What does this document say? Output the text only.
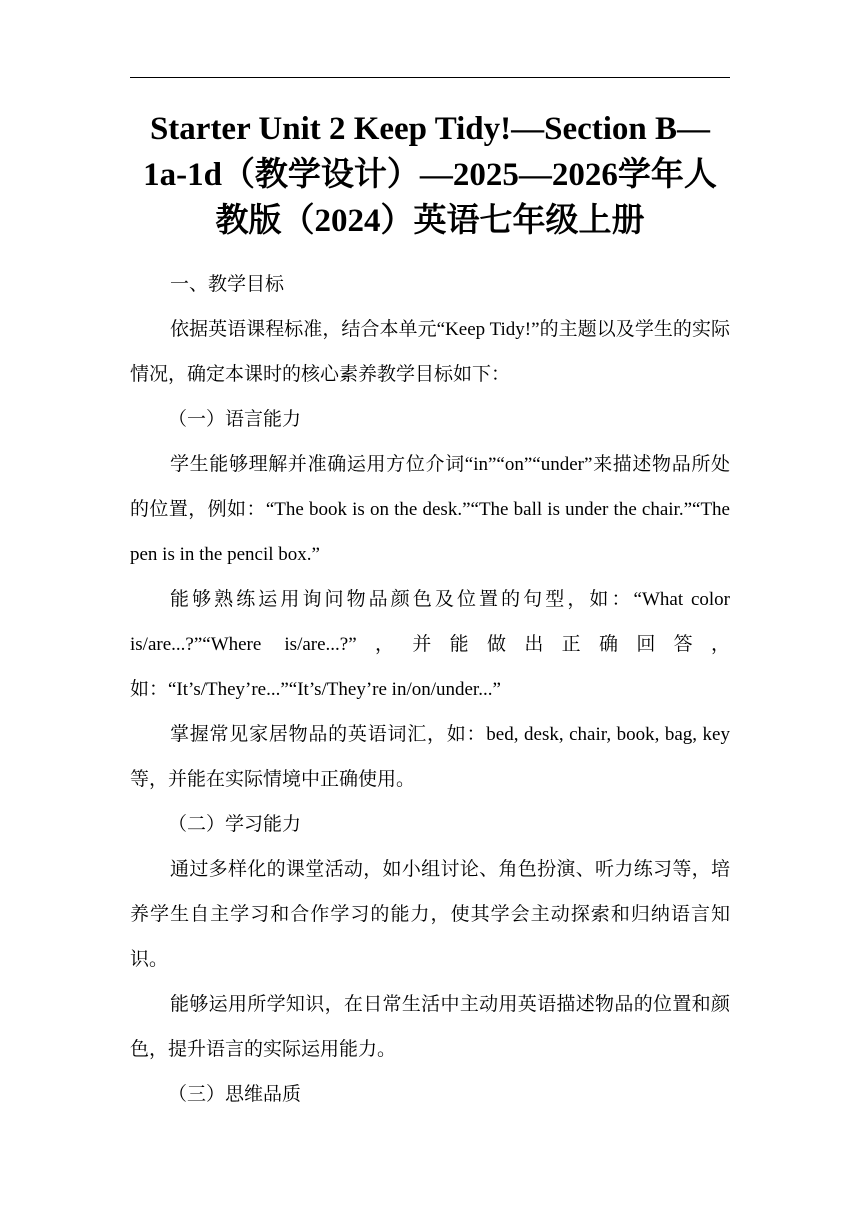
Starter Unit 2 Keep Tidy!—Section B—1a-1d（教学设计）—2025—2026学年人教版（2024）英语七年级上册

一、教学目标

依据英语课程标准，结合本单元“Keep Tidy!”的主题以及学生的实际情况，确定本课时的核心素养教学目标如下：

（一）语言能力

学生能够理解并准确运用方位介词“in”“on”“under”来描述物品所处的位置，例如：“The book is on the desk.”“The ball is under the chair.”“The pen is in the pencil box.”

能够熟练运用询问物品颜色及位置的句型，如：“What color is/are...?”“Where is/are...?”，并能做出正确回答，如：“It’s/They’re...”“It’s/They’re in/on/under...”

掌握常见家居物品的英语词汇，如：bed, desk, chair, book, bag, key等，并能在实际情境中正确使用。

（二）学习能力

通过多样化的课堂活动，如小组讨论、角色扮演、听力练习等，培养学生自主学习和合作学习的能力，使其学会主动探索和归纳语言知识。

能够运用所学知识，在日常生活中主动用英语描述物品的位置和颜色，提升语言的实际运用能力。

（三）思维品质
